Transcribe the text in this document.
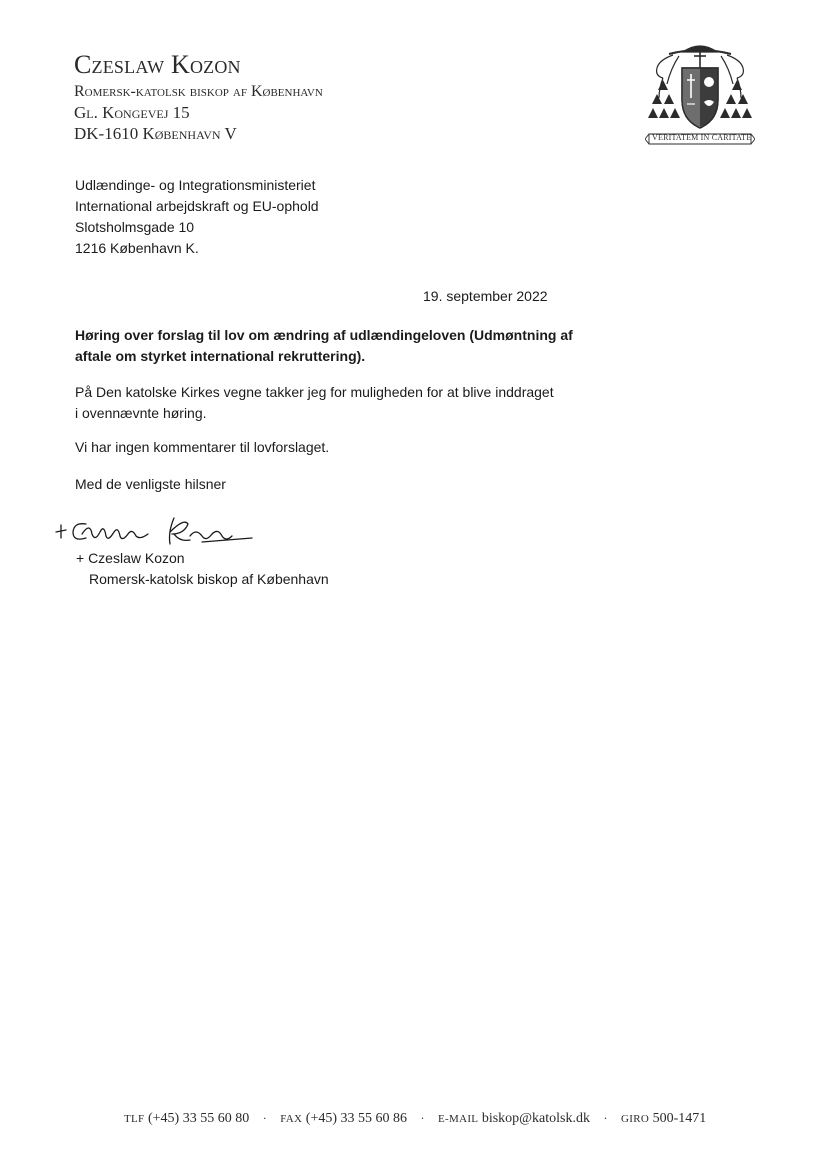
Czeslaw Kozon

Romersk-katolsk biskop af København

Gl. Kongevej 15

DK-1610 København V	VERITATEM IN CARITATE

Udlændinge- og Integrationsministeriet

International arbejdskraft og EU-ophold

Slotsholmsgade 10

1216 København K.

19. september 2022

Høring over forslag til lov om ændring af udlændingeloven (Udmøntning af

aftale om styrket international rekruttering).

På Den katolske Kirkes vegne takker jeg for muligheden for at blive inddraget

i ovennævnte høring.

Vi har ingen kommentarer til lovforslaget.

Med de venligste hilsner

+ Czeslaw Kozon

Romersk-katolsk biskop af København

TLF (+45) 33 55 60 80 · FAX (+45) 33 55 60 86 · E-MAIL biskop@katolsk.dk · GIRO 500-1471
